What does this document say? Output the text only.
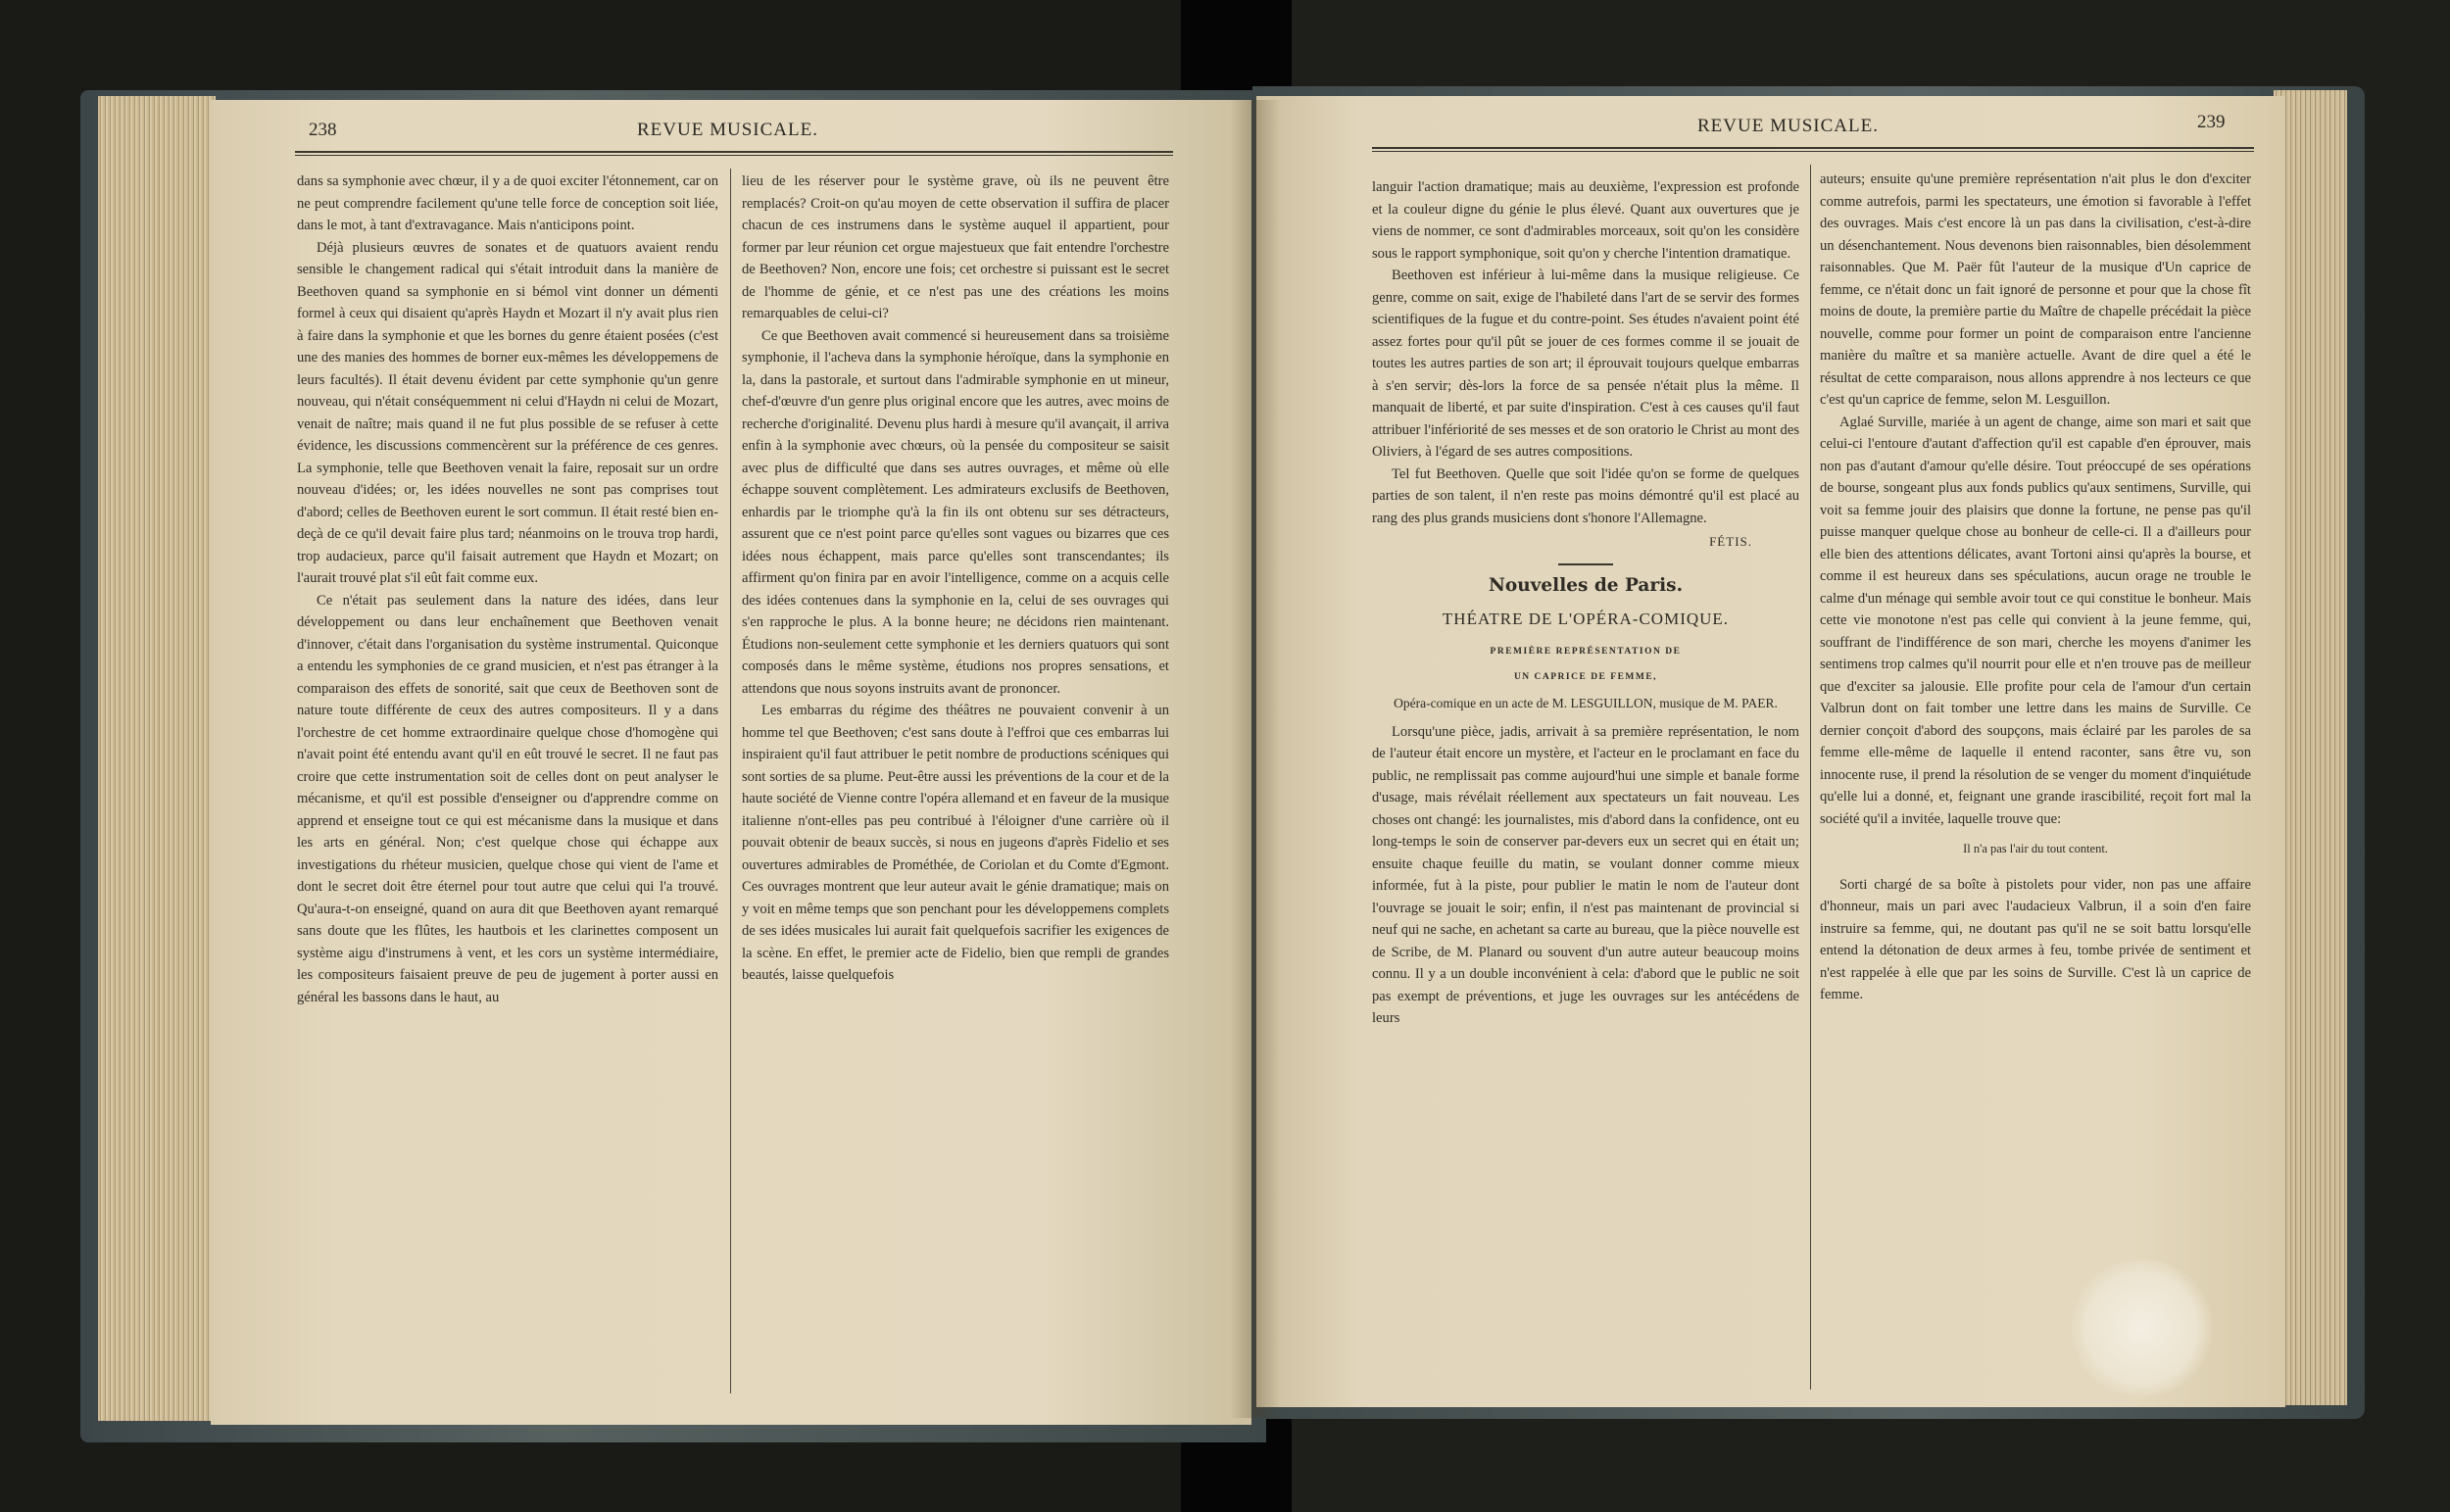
238	REVUE MUSICALE.

dans sa symphonie avec chœur, il y a de quoi exciter l'étonnement, car on ne peut comprendre facilement qu'une telle force de conception soit liée, dans le mot, à tant d'extravagance. Mais n'anticipons point.

Déjà plusieurs œuvres de sonates et de quatuors avaient rendu sensible le changement radical qui s'était introduit dans la manière de Beethoven quand sa symphonie en si bémol vint donner un démenti formel à ceux qui disaient qu'après Haydn et Mozart il n'y avait plus rien à faire dans la symphonie et que les bornes du genre étaient posées (c'est une des manies des hommes de borner eux-mêmes les développemens de leurs facultés). Il était devenu évident par cette symphonie qu'un genre nouveau, qui n'était conséquemment ni celui d'Haydn ni celui de Mozart, venait de naître; mais quand il ne fut plus possible de se refuser à cette évidence, les discussions commencèrent sur la préférence de ces genres. La symphonie, telle que Beethoven venait la faire, reposait sur un ordre nouveau d'idées; or, les idées nouvelles ne sont pas comprises tout d'abord; celles de Beethoven eurent le sort commun. Il était resté bien en-deçà de ce qu'il devait faire plus tard; néanmoins on le trouva trop hardi, trop audacieux, parce qu'il faisait autrement que Haydn et Mozart; on l'aurait trouvé plat s'il eût fait comme eux.

Ce n'était pas seulement dans la nature des idées, dans leur développement ou dans leur enchaînement que Beethoven venait d'innover, c'était dans l'organisation du système instrumental. Quiconque a entendu les symphonies de ce grand musicien, et n'est pas étranger à la comparaison des effets de sonorité, sait que ceux de Beethoven sont de nature toute différente de ceux des autres compositeurs. Il y a dans l'orchestre de cet homme extraordinaire quelque chose d'homogène qui n'avait point été entendu avant qu'il en eût trouvé le secret. Il ne faut pas croire que cette instrumentation soit de celles dont on peut analyser le mécanisme, et qu'il est possible d'enseigner ou d'apprendre comme on apprend et enseigne tout ce qui est mécanisme dans la musique et dans les arts en général. Non; c'est quelque chose qui échappe aux investigations du rhéteur musicien, quelque chose qui vient de l'ame et dont le secret doit être éternel pour tout autre que celui qui l'a trouvé. Qu'aura-t-on enseigné, quand on aura dit que Beethoven ayant remarqué sans doute que les flûtes, les hautbois et les clarinettes composent un système aigu d'instrumens à vent, et les cors un système intermédiaire, les compositeurs faisaient preuve de peu de jugement à porter aussi en général les bassons dans le haut, au

lieu de les réserver pour le système grave, où ils ne peuvent être remplacés? Croit-on qu'au moyen de cette observation il suffira de placer chacun de ces instrumens dans le système auquel il appartient, pour former par leur réunion cet orgue majestueux que fait entendre l'orchestre de Beethoven? Non, encore une fois; cet orchestre si puissant est le secret de l'homme de génie, et ce n'est pas une des créations les moins remarquables de celui-ci?

Ce que Beethoven avait commencé si heureusement dans sa troisième symphonie, il l'acheva dans la symphonie héroïque, dans la symphonie en la, dans la pastorale, et surtout dans l'admirable symphonie en ut mineur, chef-d'œuvre d'un genre plus original encore que les autres, avec moins de recherche d'originalité. Devenu plus hardi à mesure qu'il avançait, il arriva enfin à la symphonie avec chœurs, où la pensée du compositeur se saisit avec plus de difficulté que dans ses autres ouvrages, et même où elle échappe souvent complètement. Les admirateurs exclusifs de Beethoven, enhardis par le triomphe qu'à la fin ils ont obtenu sur ses détracteurs, assurent que ce n'est point parce qu'elles sont vagues ou bizarres que ces idées nous échappent, mais parce qu'elles sont transcendantes; ils affirment qu'on finira par en avoir l'intelligence, comme on a acquis celle des idées contenues dans la symphonie en la, celui de ses ouvrages qui s'en rapproche le plus. A la bonne heure; ne décidons rien maintenant. Étudions non-seulement cette symphonie et les derniers quatuors qui sont composés dans le même système, étudions nos propres sensations, et attendons que nous soyons instruits avant de prononcer.

Les embarras du régime des théâtres ne pouvaient convenir à un homme tel que Beethoven; c'est sans doute à l'effroi que ces embarras lui inspiraient qu'il faut attribuer le petit nombre de productions scéniques qui sont sorties de sa plume. Peut-être aussi les préventions de la cour et de la haute société de Vienne contre l'opéra allemand et en faveur de la musique italienne n'ont-elles pas peu contribué à l'éloigner d'une carrière où il pouvait obtenir de beaux succès, si nous en jugeons d'après Fidelio et ses ouvertures admirables de Prométhée, de Coriolan et du Comte d'Egmont. Ces ouvrages montrent que leur auteur avait le génie dramatique; mais on y voit en même temps que son penchant pour les développemens complets de ses idées musicales lui aurait fait quelquefois sacrifier les exigences de la scène. En effet, le premier acte de Fidelio, bien que rempli de grandes beautés, laisse quelquefois

REVUE MUSICALE.	239

languir l'action dramatique; mais au deuxième, l'expression est profonde et la couleur digne du génie le plus élevé. Quant aux ouvertures que je viens de nommer, ce sont d'admirables morceaux, soit qu'on les considère sous le rapport symphonique, soit qu'on y cherche l'intention dramatique.

Beethoven est inférieur à lui-même dans la musique religieuse. Ce genre, comme on sait, exige de l'habileté dans l'art de se servir des formes scientifiques de la fugue et du contre-point. Ses études n'avaient point été assez fortes pour qu'il pût se jouer de ces formes comme il se jouait de toutes les autres parties de son art; il éprouvait toujours quelque embarras à s'en servir; dès-lors la force de sa pensée n'était plus la même. Il manquait de liberté, et par suite d'inspiration. C'est à ces causes qu'il faut attribuer l'infériorité de ses messes et de son oratorio le Christ au mont des Oliviers, à l'égard de ses autres compositions.

Tel fut Beethoven. Quelle que soit l'idée qu'on se forme de quelques parties de son talent, il n'en reste pas moins démontré qu'il est placé au rang des plus grands musiciens dont s'honore l'Allemagne.

FÉTIS.
Nouvelles de Paris.
THÉATRE DE L'OPÉRA-COMIQUE.
PREMIÈRE REPRÉSENTATION DE
UN CAPRICE DE FEMME,
Opéra-comique en un acte de M. LESGUILLON, musique de M. PAER.

Lorsqu'une pièce, jadis, arrivait à sa première représentation, le nom de l'auteur était encore un mystère, et l'acteur en le proclamant en face du public, ne remplissait pas comme aujourd'hui une simple et banale forme d'usage, mais révélait réellement aux spectateurs un fait nouveau. Les choses ont changé: les journalistes, mis d'abord dans la confidence, ont eu long-temps le soin de conserver par-devers eux un secret qui en était un; ensuite chaque feuille du matin, se voulant donner comme mieux informée, fut à la piste, pour publier le matin le nom de l'auteur dont l'ouvrage se jouait le soir; enfin, il n'est pas maintenant de provincial si neuf qui ne sache, en achetant sa carte au bureau, que la pièce nouvelle est de Scribe, de M. Planard ou souvent d'un autre auteur beaucoup moins connu. Il y a un double inconvénient à cela: d'abord que le public ne soit pas exempt de préventions, et juge les ouvrages sur les antécédens de leurs

auteurs; ensuite qu'une première représentation n'ait plus le don d'exciter comme autrefois, parmi les spectateurs, une émotion si favorable à l'effet des ouvrages. Mais c'est encore là un pas dans la civilisation, c'est-à-dire un désenchantement. Nous devenons bien raisonnables, bien désolemment raisonnables. Que M. Paër fût l'auteur de la musique d'Un caprice de femme, ce n'était donc un fait ignoré de personne et pour que la chose fît moins de doute, la première partie du Maître de chapelle précédait la pièce nouvelle, comme pour former un point de comparaison entre l'ancienne manière du maître et sa manière actuelle. Avant de dire quel a été le résultat de cette comparaison, nous allons apprendre à nos lecteurs ce que c'est qu'un caprice de femme, selon M. Lesguillon.

Aglaé Surville, mariée à un agent de change, aime son mari et sait que celui-ci l'entoure d'autant d'affection qu'il est capable d'en éprouver, mais non pas d'autant d'amour qu'elle désire. Tout préoccupé de ses opérations de bourse, songeant plus aux fonds publics qu'aux sentimens, Surville, qui voit sa femme jouir des plaisirs que donne la fortune, ne pense pas qu'il puisse manquer quelque chose au bonheur de celle-ci. Il a d'ailleurs pour elle bien des attentions délicates, avant Tortoni ainsi qu'après la bourse, et comme il est heureux dans ses spéculations, aucun orage ne trouble le calme d'un ménage qui semble avoir tout ce qui constitue le bonheur. Mais cette vie monotone n'est pas celle qui convient à la jeune femme, qui, souffrant de l'indifférence de son mari, cherche les moyens d'animer les sentimens trop calmes qu'il nourrit pour elle et n'en trouve pas de meilleur que d'exciter sa jalousie. Elle profite pour cela de l'amour d'un certain Valbrun dont on fait tomber une lettre dans les mains de Surville. Ce dernier conçoit d'abord des soupçons, mais éclairé par les paroles de sa femme elle-même de laquelle il entend raconter, sans être vu, son innocente ruse, il prend la résolution de se venger du moment d'inquiétude qu'elle lui a donné, et, feignant une grande irascibilité, reçoit fort mal la société qu'il a invitée, laquelle trouve que:

Il n'a pas l'air du tout content.

Sorti chargé de sa boîte à pistolets pour vider, non pas une affaire d'honneur, mais un pari avec l'audacieux Valbrun, il a soin d'en faire instruire sa femme, qui, ne doutant pas qu'il ne se soit battu lorsqu'elle entend la détonation de deux armes à feu, tombe privée de sentiment et n'est rappelée à elle que par les soins de Surville. C'est là un caprice de femme.
